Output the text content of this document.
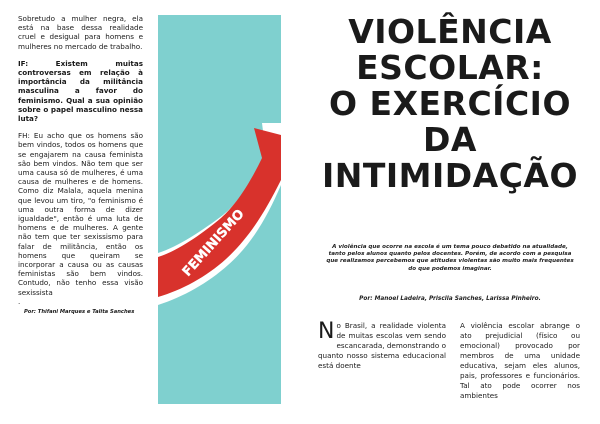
Sobretudo a mulher negra, ela está na base dessa realidade cruel e desigual para homens e mulheres no mercado de trabalho.

IF: Existem muitas controversas em relação à importância da militância masculina a favor do feminismo. Qual a sua opinião sobre o papel masculino nessa luta?

FH: Eu acho que os homens são bem vindos, todos os homens que se engajarem na causa feminista são bem vindos. Não tem que ser uma causa só de mulheres, é uma causa de mulheres e de homens. Como diz Malala, aquela menina que levou um tiro, "o feminismo é uma outra forma de dizer igualdade", então é uma luta de homens e de mulheres. A gente não tem que ter sexissismo para falar de militância, então os homens que queiram se incorporar a causa ou as causas feministas são bem vindos. Contudo, não tenho essa visão sexissista
.

Por: Thifani Marques e Talita Sanches

FEMINISMO
VIOLÊNCIA
ESCOLAR:
O EXERCÍCIO
DA
INTIMIDAÇÃO
A violência que ocorre na escola é um tema pouco debatido na atualidade, tanto pelos alunos quanto pelos docentes. Porém, de acordo com a pesquisa que realizamos percebemos que atitudes violentas são muito mais frequentes do que podemos imaginar.
Por: Manoel Ladeira, Priscila Sanches, Larissa Pinheiro.
No Brasil, a realidade violenta de muitas escolas vem sendo escancarada, demonstrando o quanto nosso sistema educacional está doente
A violência escolar abrange o ato prejudicial (físico ou emocional) provocado por membros de uma unidade educativa, sejam eles alunos, pais, professores e funcionários. Tal ato pode ocorrer nos ambientes
